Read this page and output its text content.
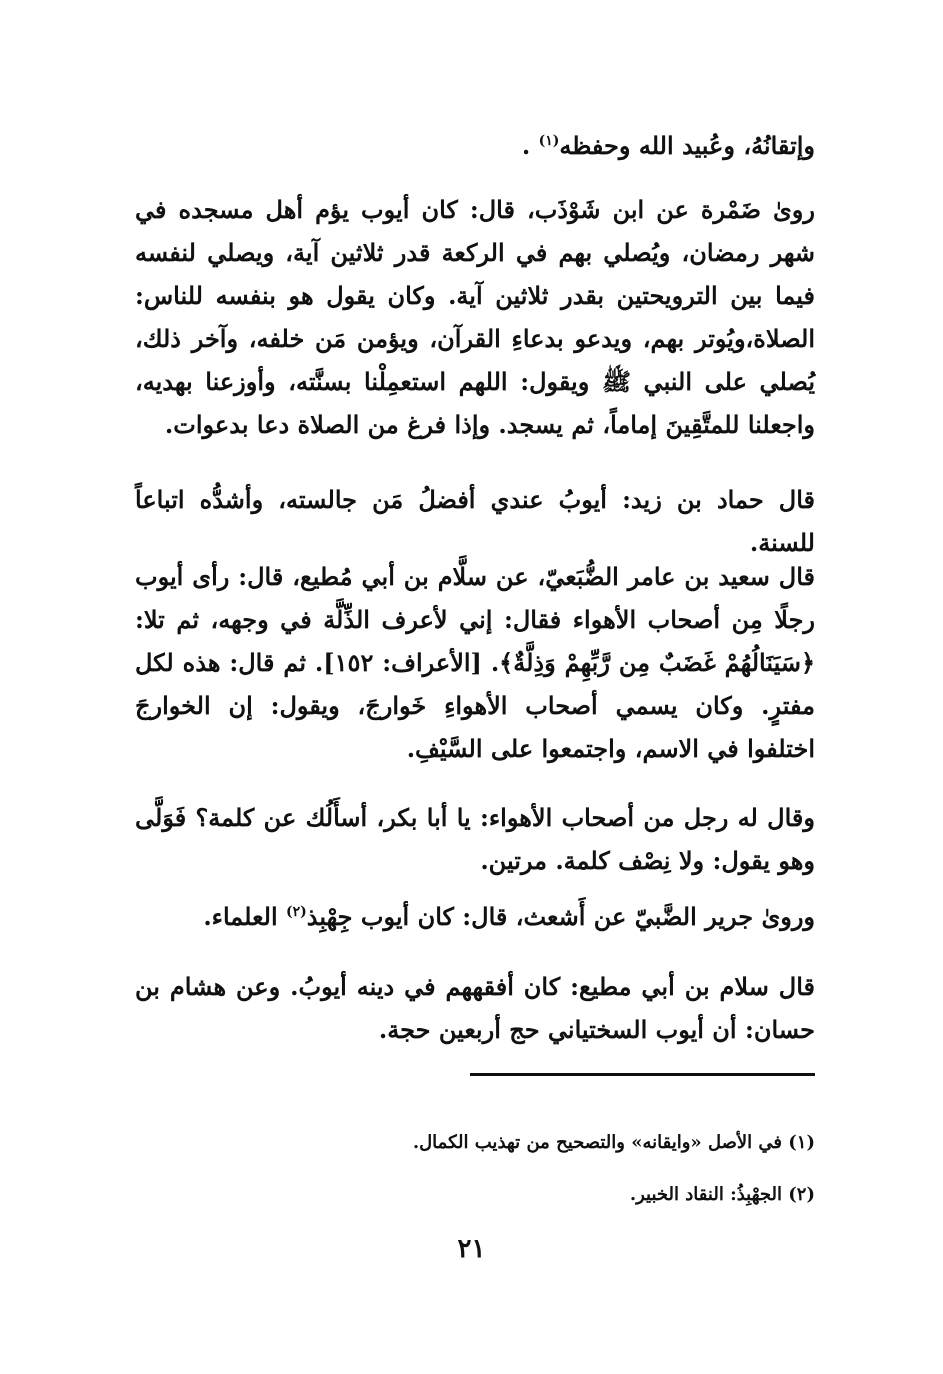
وإتقانُهُ، وعُبيد الله وحفظه$^{(١)}$ .

روىٰ ضَمْرة عن ابن شَوْذَب، قال: كان أيوب يؤم أهل مسجده في شهر رمضان، ويُصلي بهم في الركعة قدر ثلاثين آية، ويصلي لنفسه فيما بين الترويحتين بقدر ثلاثين آية. وكان يقول هو بنفسه للناس: الصلاة،ويُوتر بهم، ويدعو بدعاءِ القرآن، ويؤمن مَن خلفه، وآخر ذلك، يُصلي على النبي ﷺ ويقول: اللهم استعمِلْنا بسنَّته، وأوزعنا بهديه، واجعلنا للمتَّقِينَ إماماً، ثم يسجد. وإذا فرغ من الصلاة دعا بدعوات.

قال حماد بن زيد: أيوبُ عندي أفضلُ مَن جالسته، وأشدُّه اتباعاً للسنة.

قال سعيد بن عامر الضُّبَعيّ، عن سلَّام بن أبي مُطيع، قال: رأى أيوب رجلًا مِن أصحاب الأهواء فقال: إني لأعرف الذِّلَّة في وجهه، ثم تلا: ﴿سَيَنَالُهُمْ غَضَبٌ مِن رَّبِّهِمْ وَذِلَّةٌ﴾. [الأعراف: ١٥٢]. ثم قال: هذه لكل مفترٍ. وكان يسمي أصحاب الأهواءِ خَوارجَ، ويقول: إن الخوارجَ اختلفوا في الاسم، واجتمعوا على السَّيْفِ.

وقال له رجل من أصحاب الأهواء: يا أبا بكر، أسأَلُك عن كلمة؟ فَوَلَّى وهو يقول: ولا نِصْف كلمة. مرتين.

وروىٰ جرير الضَّبيّ عن أَشعث، قال: كان أيوب جِهْبِذ$^{(٢)}$ العلماء.

قال سلام بن أبي مطيع: كان أفقههم في دينه أيوبُ. وعن هشام بن حسان: أن أيوب السختياني حج أربعين حجة.

(١) في الأصل «وايقانه» والتصحيح من تهذيب الكمال.

(٢) الجهْبِذُ: النقاد الخبير.

٢١
